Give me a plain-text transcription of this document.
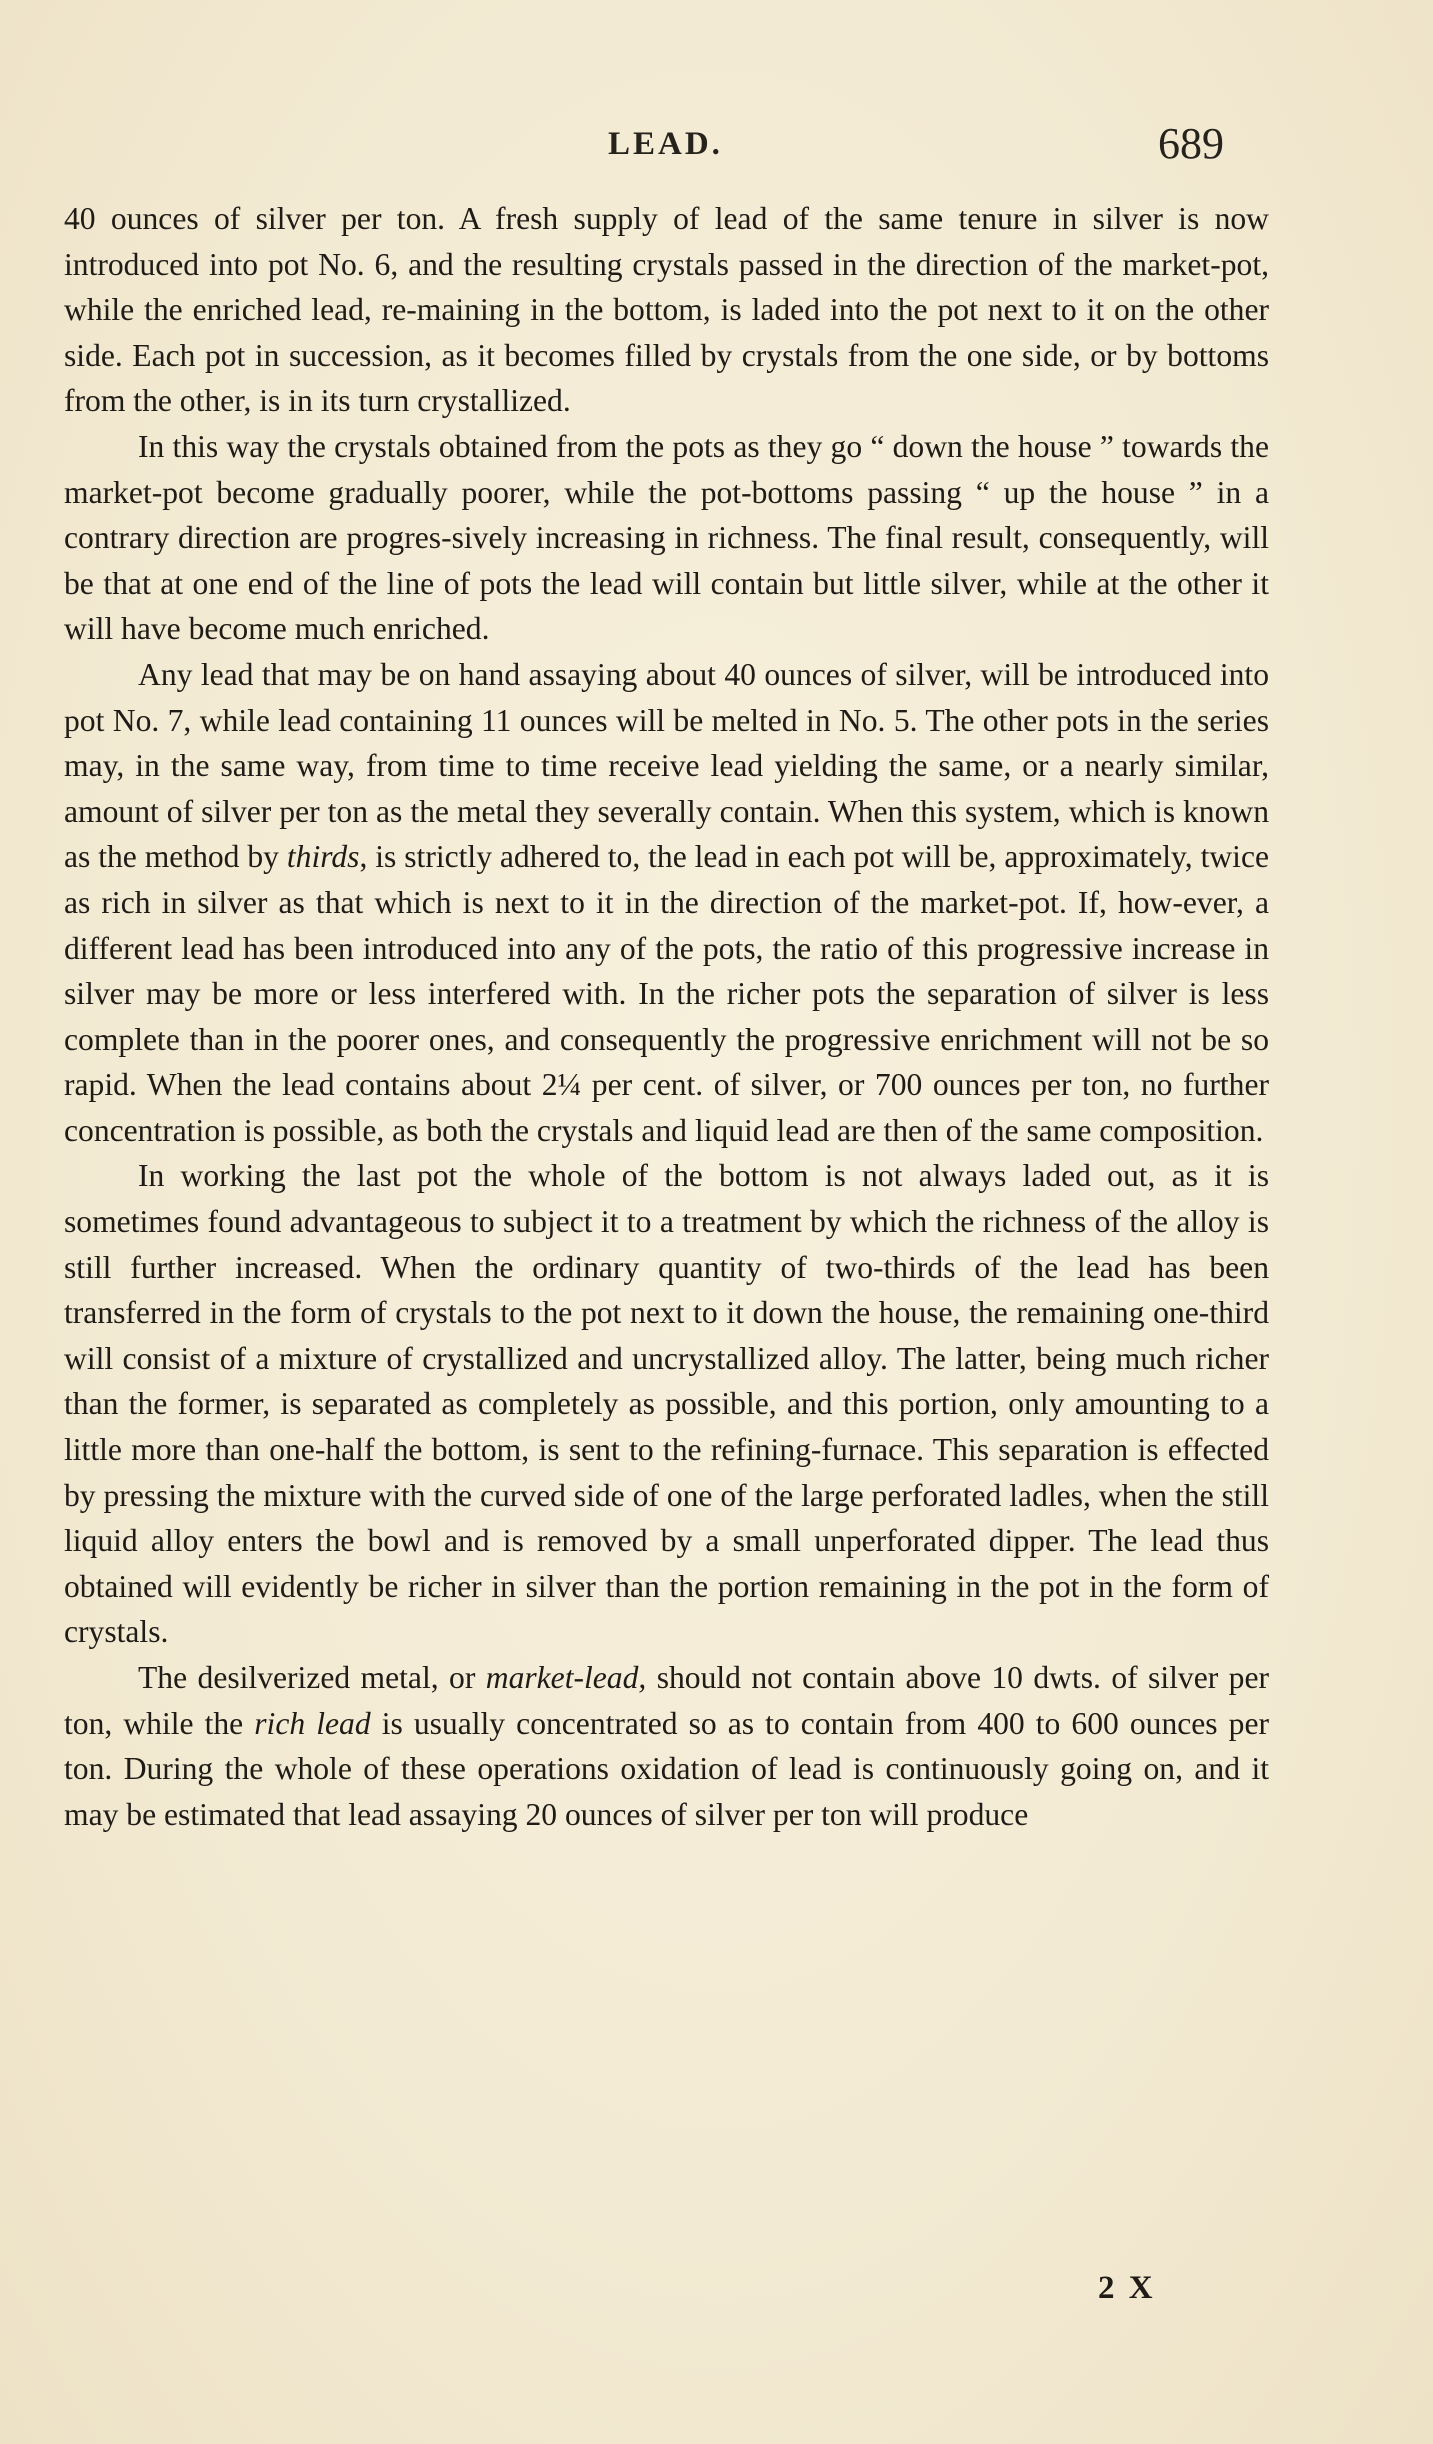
LEAD.	689

40 ounces of silver per ton. A fresh supply of lead of the same tenure in silver is now introduced into pot No. 6, and the resulting crystals passed in the direction of the market-pot, while the enriched lead, re-maining in the bottom, is laded into the pot next to it on the other side. Each pot in succession, as it becomes filled by crystals from the one side, or by bottoms from the other, is in its turn crystallized.

In this way the crystals obtained from the pots as they go “ down the house ” towards the market-pot become gradually poorer, while the pot-bottoms passing “ up the house ” in a contrary direction are progres-sively increasing in richness. The final result, consequently, will be that at one end of the line of pots the lead will contain but little silver, while at the other it will have become much enriched.

Any lead that may be on hand assaying about 40 ounces of silver, will be introduced into pot No. 7, while lead containing 11 ounces will be melted in No. 5. The other pots in the series may, in the same way, from time to time receive lead yielding the same, or a nearly similar, amount of silver per ton as the metal they severally contain. When this system, which is known as the method by thirds, is strictly adhered to, the lead in each pot will be, approximately, twice as rich in silver as that which is next to it in the direction of the market-pot. If, how-ever, a different lead has been introduced into any of the pots, the ratio of this progressive increase in silver may be more or less interfered with. In the richer pots the separation of silver is less complete than in the poorer ones, and consequently the progressive enrichment will not be so rapid. When the lead contains about 2¼ per cent. of silver, or 700 ounces per ton, no further concentration is possible, as both the crystals and liquid lead are then of the same composition.

In working the last pot the whole of the bottom is not always laded out, as it is sometimes found advantageous to subject it to a treatment by which the richness of the alloy is still further increased. When the ordinary quantity of two-thirds of the lead has been transferred in the form of crystals to the pot next to it down the house, the remaining one-third will consist of a mixture of crystallized and uncrystallized alloy. The latter, being much richer than the former, is separated as completely as possible, and this portion, only amounting to a little more than one-half the bottom, is sent to the refining-furnace. This separation is effected by pressing the mixture with the curved side of one of the large perforated ladles, when the still liquid alloy enters the bowl and is removed by a small unperforated dipper. The lead thus obtained will evidently be richer in silver than the portion remaining in the pot in the form of crystals.

The desilverized metal, or market-lead, should not contain above 10 dwts. of silver per ton, while the rich lead is usually concentrated so as to contain from 400 to 600 ounces per ton. During the whole of these operations oxidation of lead is continuously going on, and it may be estimated that lead assaying 20 ounces of silver per ton will produce

2 X
